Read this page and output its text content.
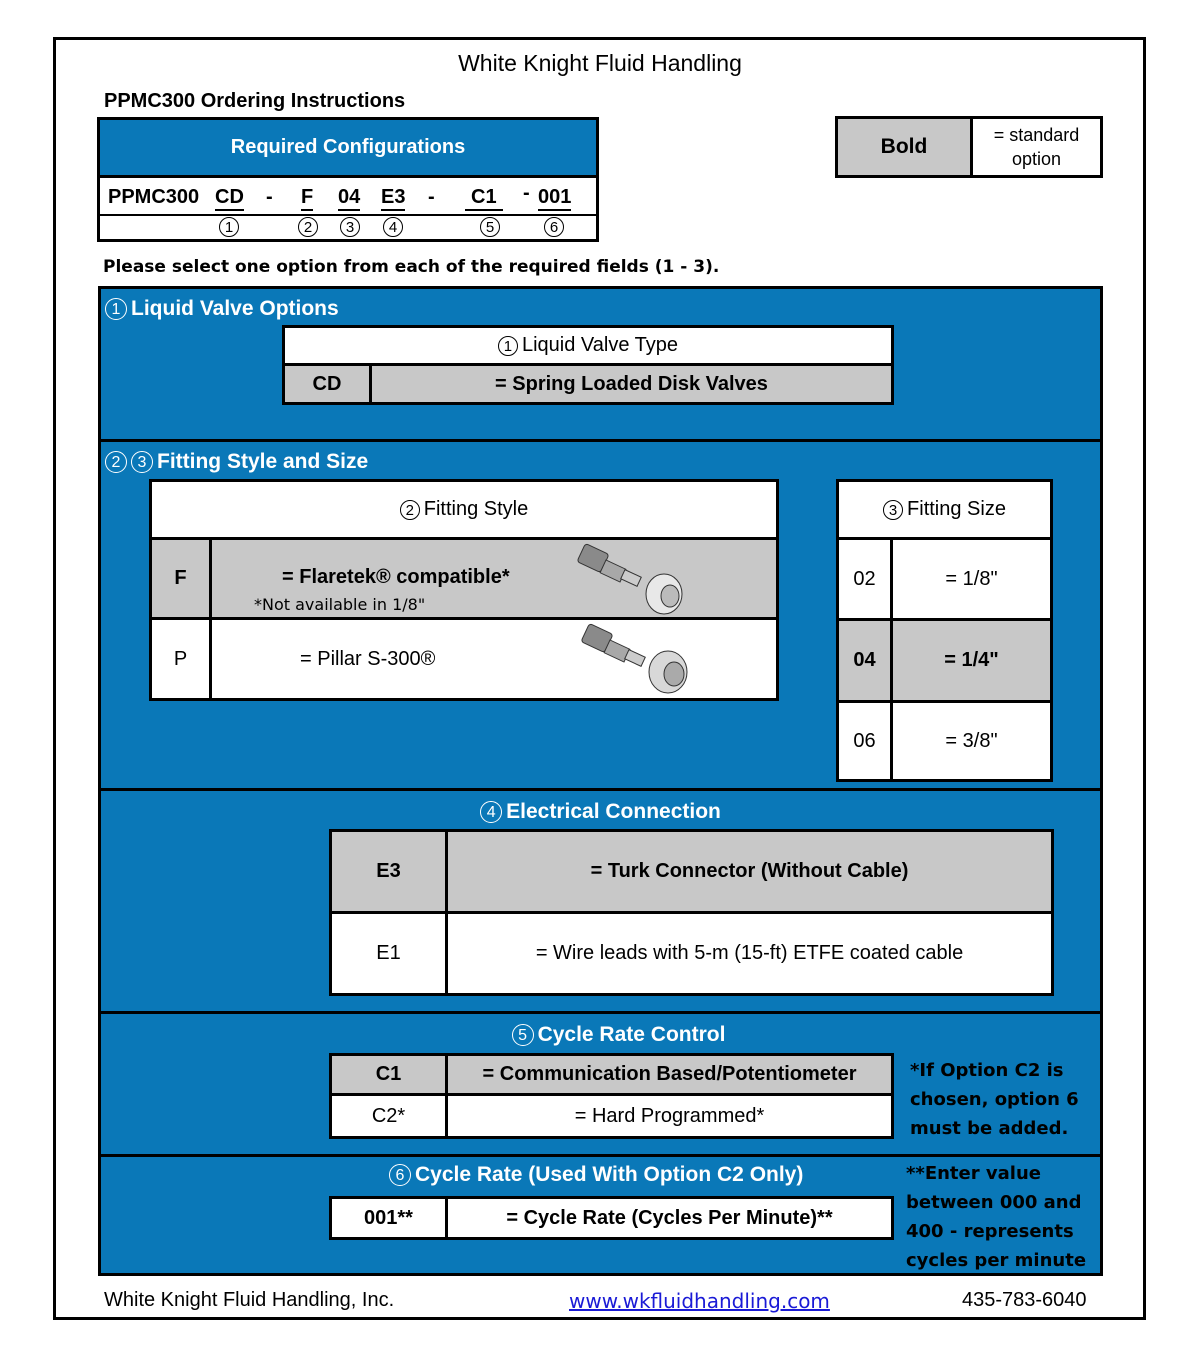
White Knight Fluid Handling
PPMC300 Ordering Instructions
Required Configurations
PPMC300 CD - F 04 E3 -	C1	- 001
1	2	3	4	5	6
Bold	= standard option
Please select one option from each of the required fields (1 - 3).
1 Liquid Valve Options
1 Liquid Valve Type
CD	= Spring Loaded Disk Valves
2 3 Fitting Style and Size
2 Fitting Style
F	= Flaretek® compatible*
*Not available in 1/8"
P	= Pillar S-300®
3 Fitting Size
02	= 1/8"
04	= 1/4"
06	= 3/8"
4 Electrical Connection
E3	= Turk Connector (Without Cable)
E1	= Wire leads with 5-m (15-ft) ETFE coated cable
5 Cycle Rate Control
C1	= Communication Based/Potentiometer
C2*	= Hard Programmed*
*If Option C2 is
chosen, option 6
must be added.
6 Cycle Rate (Used With Option C2 Only)
001**	= Cycle Rate (Cycles Per Minute)**
**Enter value
between 000 and
400 - represents
cycles per minute
White Knight Fluid Handling, Inc.	www.wkfluidhandling.com	435-783-6040
